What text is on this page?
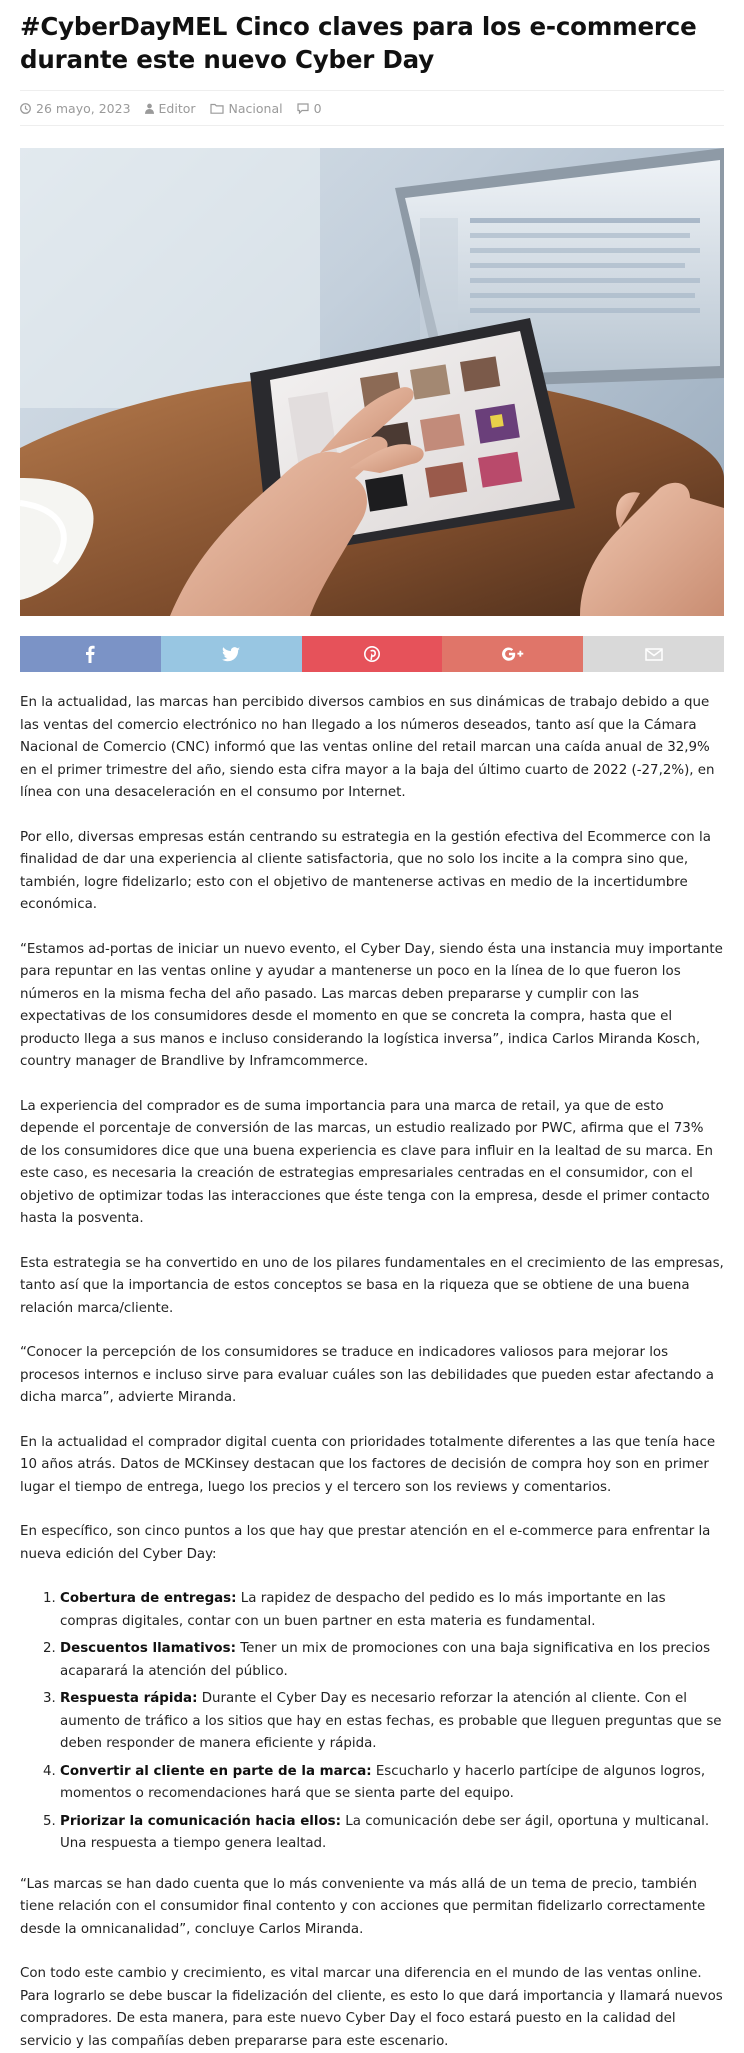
#CyberDayMEL Cinco claves para los e-commerce durante este nuevo Cyber Day
26 mayo, 2023 Editor	Nacional 0

En la actualidad, las marcas han percibido diversos cambios en sus dinámicas de trabajo debido a que las ventas del comercio electrónico no han llegado a los números deseados, tanto así que la Cámara Nacional de Comercio (CNC) informó que las ventas online del retail marcan una caída anual de 32,9% en el primer trimestre del año, siendo esta cifra mayor a la baja del último cuarto de 2022 (-27,2%), en línea con una desaceleración en el consumo por Internet.

Por ello, diversas empresas están centrando su estrategia en la gestión efectiva del Ecommerce con la finalidad de dar una experiencia al cliente satisfactoria, que no solo los incite a la compra sino que, también, logre fidelizarlo; esto con el objetivo de mantenerse activas en medio de la incertidumbre económica.

“Estamos ad-portas de iniciar un nuevo evento, el Cyber Day, siendo ésta una instancia muy importante para repuntar en las ventas online y ayudar a mantenerse un poco en la línea de lo que fueron los números en la misma fecha del año pasado. Las marcas deben prepararse y cumplir con las expectativas de los consumidores desde el momento en que se concreta la compra, hasta que el producto llega a sus manos e incluso considerando la logística inversa”, indica Carlos Miranda Kosch, country manager de Brandlive by Inframcommerce.

La experiencia del comprador es de suma importancia para una marca de retail, ya que de esto depende el porcentaje de conversión de las marcas, un estudio realizado por PWC, afirma que el 73% de los consumidores dice que una buena experiencia es clave para influir en la lealtad de su marca. En este caso, es necesaria la creación de estrategias empresariales centradas en el consumidor, con el objetivo de optimizar todas las interacciones que éste tenga con la empresa, desde el primer contacto hasta la posventa.

Esta estrategia se ha convertido en uno de los pilares fundamentales en el crecimiento de las empresas, tanto así que la importancia de estos conceptos se basa en la riqueza que se obtiene de una buena relación marca/cliente.

“Conocer la percepción de los consumidores se traduce en indicadores valiosos para mejorar los procesos internos e incluso sirve para evaluar cuáles son las debilidades que pueden estar afectando a dicha marca”, advierte Miranda.

En la actualidad el comprador digital cuenta con prioridades totalmente diferentes a las que tenía hace 10 años atrás. Datos de MCKinsey destacan que los factores de decisión de compra hoy son en primer lugar el tiempo de entrega, luego los precios y el tercero son los reviews y comentarios.

En específico, son cinco puntos a los que hay que prestar atención en el e-commerce para enfrentar la nueva edición del Cyber Day:

1. Cobertura de entregas: La rapidez de despacho del pedido es lo más importante en las compras digitales, contar con un buen partner en esta materia es fundamental.
2. Descuentos llamativos: Tener un mix de promociones con una baja significativa en los precios acaparará la atención del público.
3. Respuesta rápida: Durante el Cyber Day es necesario reforzar la atención al cliente. Con el aumento de tráfico a los sitios que hay en estas fechas, es probable que lleguen preguntas que se deben responder de manera eficiente y rápida.
4. Convertir al cliente en parte de la marca: Escucharlo y hacerlo partícipe de algunos logros, momentos o recomendaciones hará que se sienta parte del equipo.
5. Priorizar la comunicación hacia ellos: La comunicación debe ser ágil, oportuna y multicanal. Una respuesta a tiempo genera lealtad.

“Las marcas se han dado cuenta que lo más conveniente va más allá de un tema de precio, también tiene relación con el consumidor final contento y con acciones que permitan fidelizarlo correctamente desde la omnicanalidad”, concluye Carlos Miranda.

Con todo este cambio y crecimiento, es vital marcar una diferencia en el mundo de las ventas online. Para lograrlo se debe buscar la fidelización del cliente, es esto lo que dará importancia y llamará nuevos compradores. De esta manera, para este nuevo Cyber Day el foco estará puesto en la calidad del servicio y las compañías deben prepararse para este escenario.
